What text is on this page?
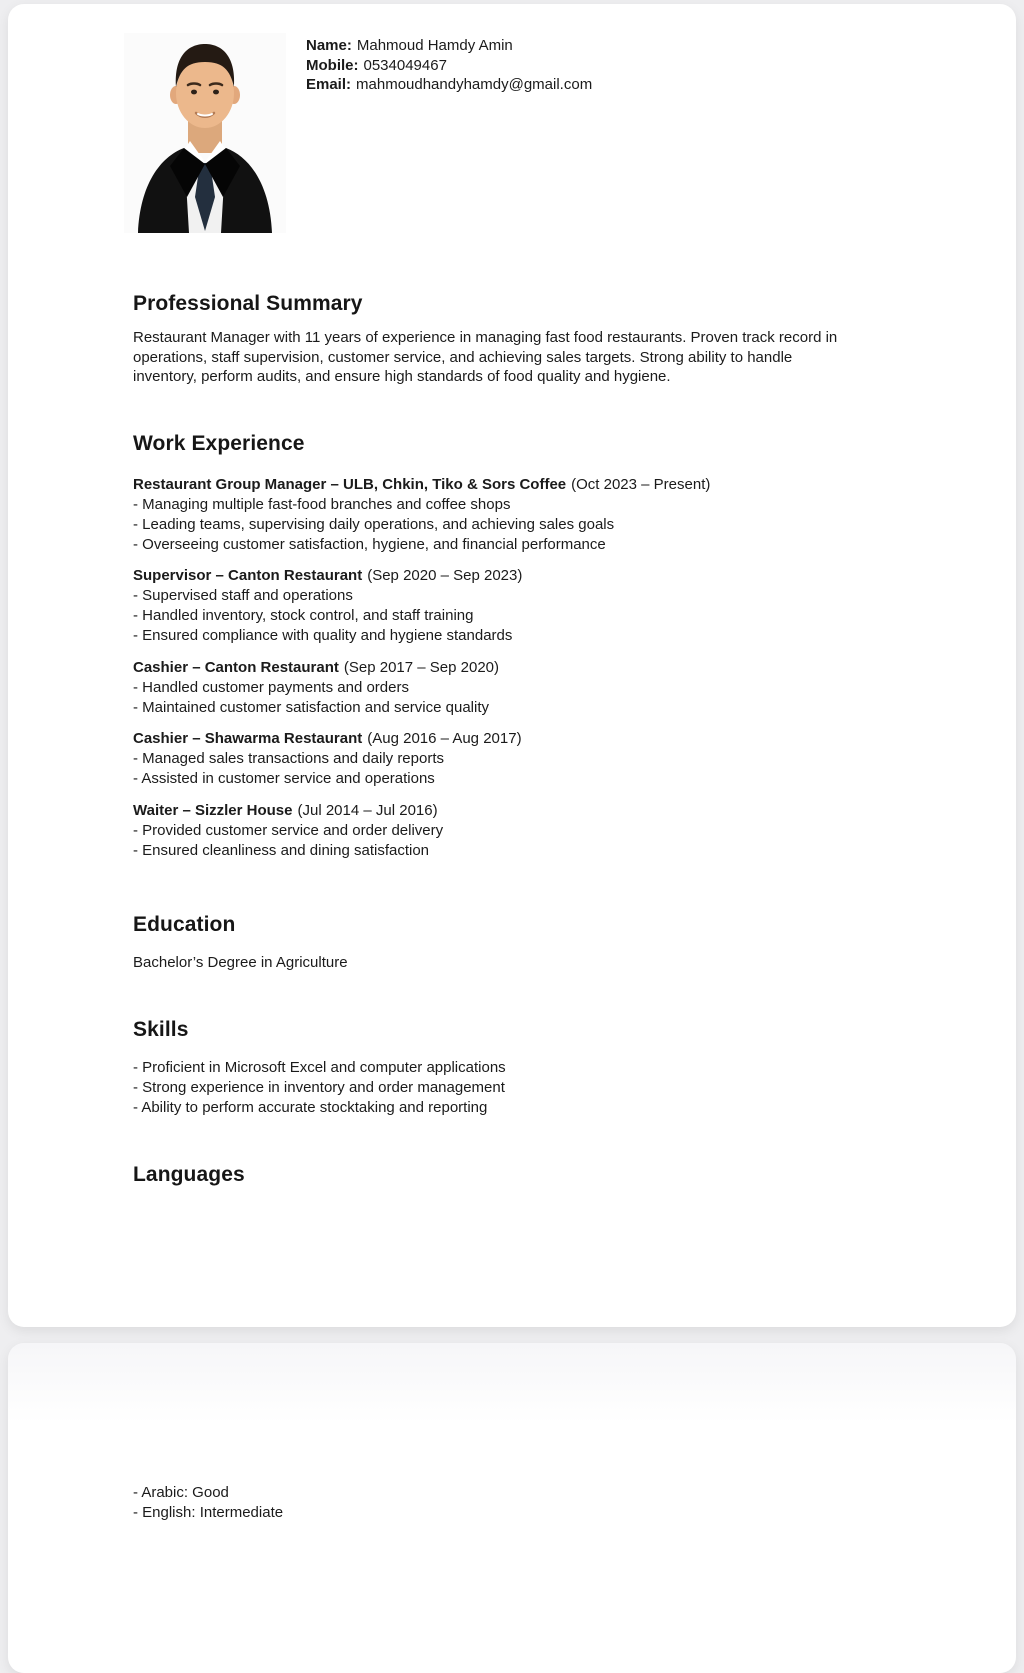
Name: Mahmoud Hamdy Amin
Mobile: 0534049467
Email: mahmoudhandyhamdy@gmail.com
Professional Summary
Restaurant Manager with 11 years of experience in managing fast food restaurants. Proven track record in operations, staff supervision, customer service, and achieving sales targets. Strong ability to handle inventory, perform audits, and ensure high standards of food quality and hygiene.
Work Experience
Restaurant Group Manager – ULB, Chkin, Tiko & Sors Coffee (Oct 2023 – Present)
- Managing multiple fast-food branches and coffee shops
- Leading teams, supervising daily operations, and achieving sales goals
- Overseeing customer satisfaction, hygiene, and financial performance
Supervisor – Canton Restaurant (Sep 2020 – Sep 2023)
- Supervised staff and operations
- Handled inventory, stock control, and staff training
- Ensured compliance with quality and hygiene standards
Cashier – Canton Restaurant (Sep 2017 – Sep 2020)
- Handled customer payments and orders
- Maintained customer satisfaction and service quality
Cashier – Shawarma Restaurant (Aug 2016 – Aug 2017)
- Managed sales transactions and daily reports
- Assisted in customer service and operations
Waiter – Sizzler House (Jul 2014 – Jul 2016)
- Provided customer service and order delivery
- Ensured cleanliness and dining satisfaction
Education
Bachelor’s Degree in Agriculture
Skills
- Proficient in Microsoft Excel and computer applications
- Strong experience in inventory and order management
- Ability to perform accurate stocktaking and reporting
Languages
- Arabic: Good
- English: Intermediate
